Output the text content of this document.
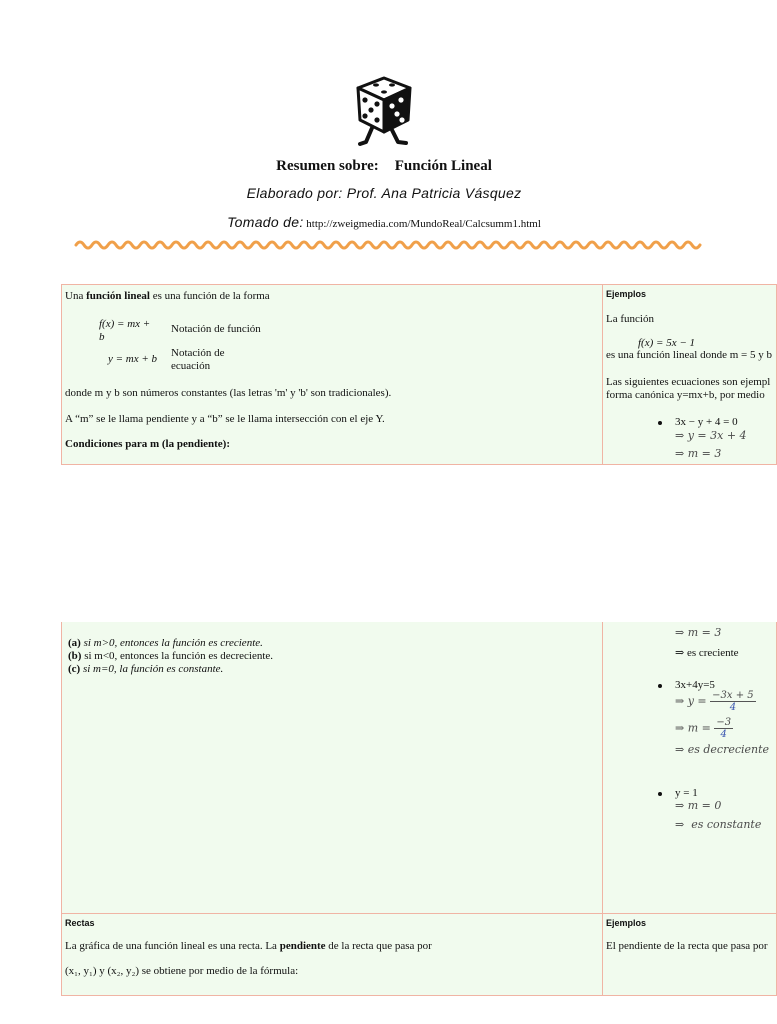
Resumen sobre: Función Lineal
Elaborado por: Prof. Ana Patricia Vásquez
Tomado de: http://zweigmedia.com/MundoReal/Calcsumm1.html
Una función lineal es una función de la forma
f(x) = mx +
b
Notación de función
y = mx + b Notación de
ecuación
donde m y b son números constantes (las letras 'm' y 'b' son tradicionales).
A “m” se le llama pendiente y a “b” se le llama intersección con el eje Y.
Condiciones para m (la pendiente):
Ejemplos
La función
f(x) = 5x − 1
es una función lineal donde m = 5 y b
Las siguientes ecuaciones son ejempl
forma canónica y=mx+b, por medio
3x − y + 4 = 0
⇒ y = 3x + 4
⇒ m = 3
(a) si m>0, entonces la función es creciente.
(b) si m<0, entonces la función es decreciente.
(c) si m=0, la función es constante.
⇒ m = 3
⇒ es creciente
3x+4y=5
⇒ $y = \frac{-3x + 5}{4}$
⇒ $m = \frac{-3}{4}$
⇒ es decreciente
y = 1
⇒ m = 0
⇒  es constante
Rectas
La gráfica de una función lineal es una recta. La pendiente de la recta que pasa por
(x₁, y₁) y (x₂, y₂) se obtiene por medio de la fórmula:
Ejemplos
El pendiente de la recta que pasa por
